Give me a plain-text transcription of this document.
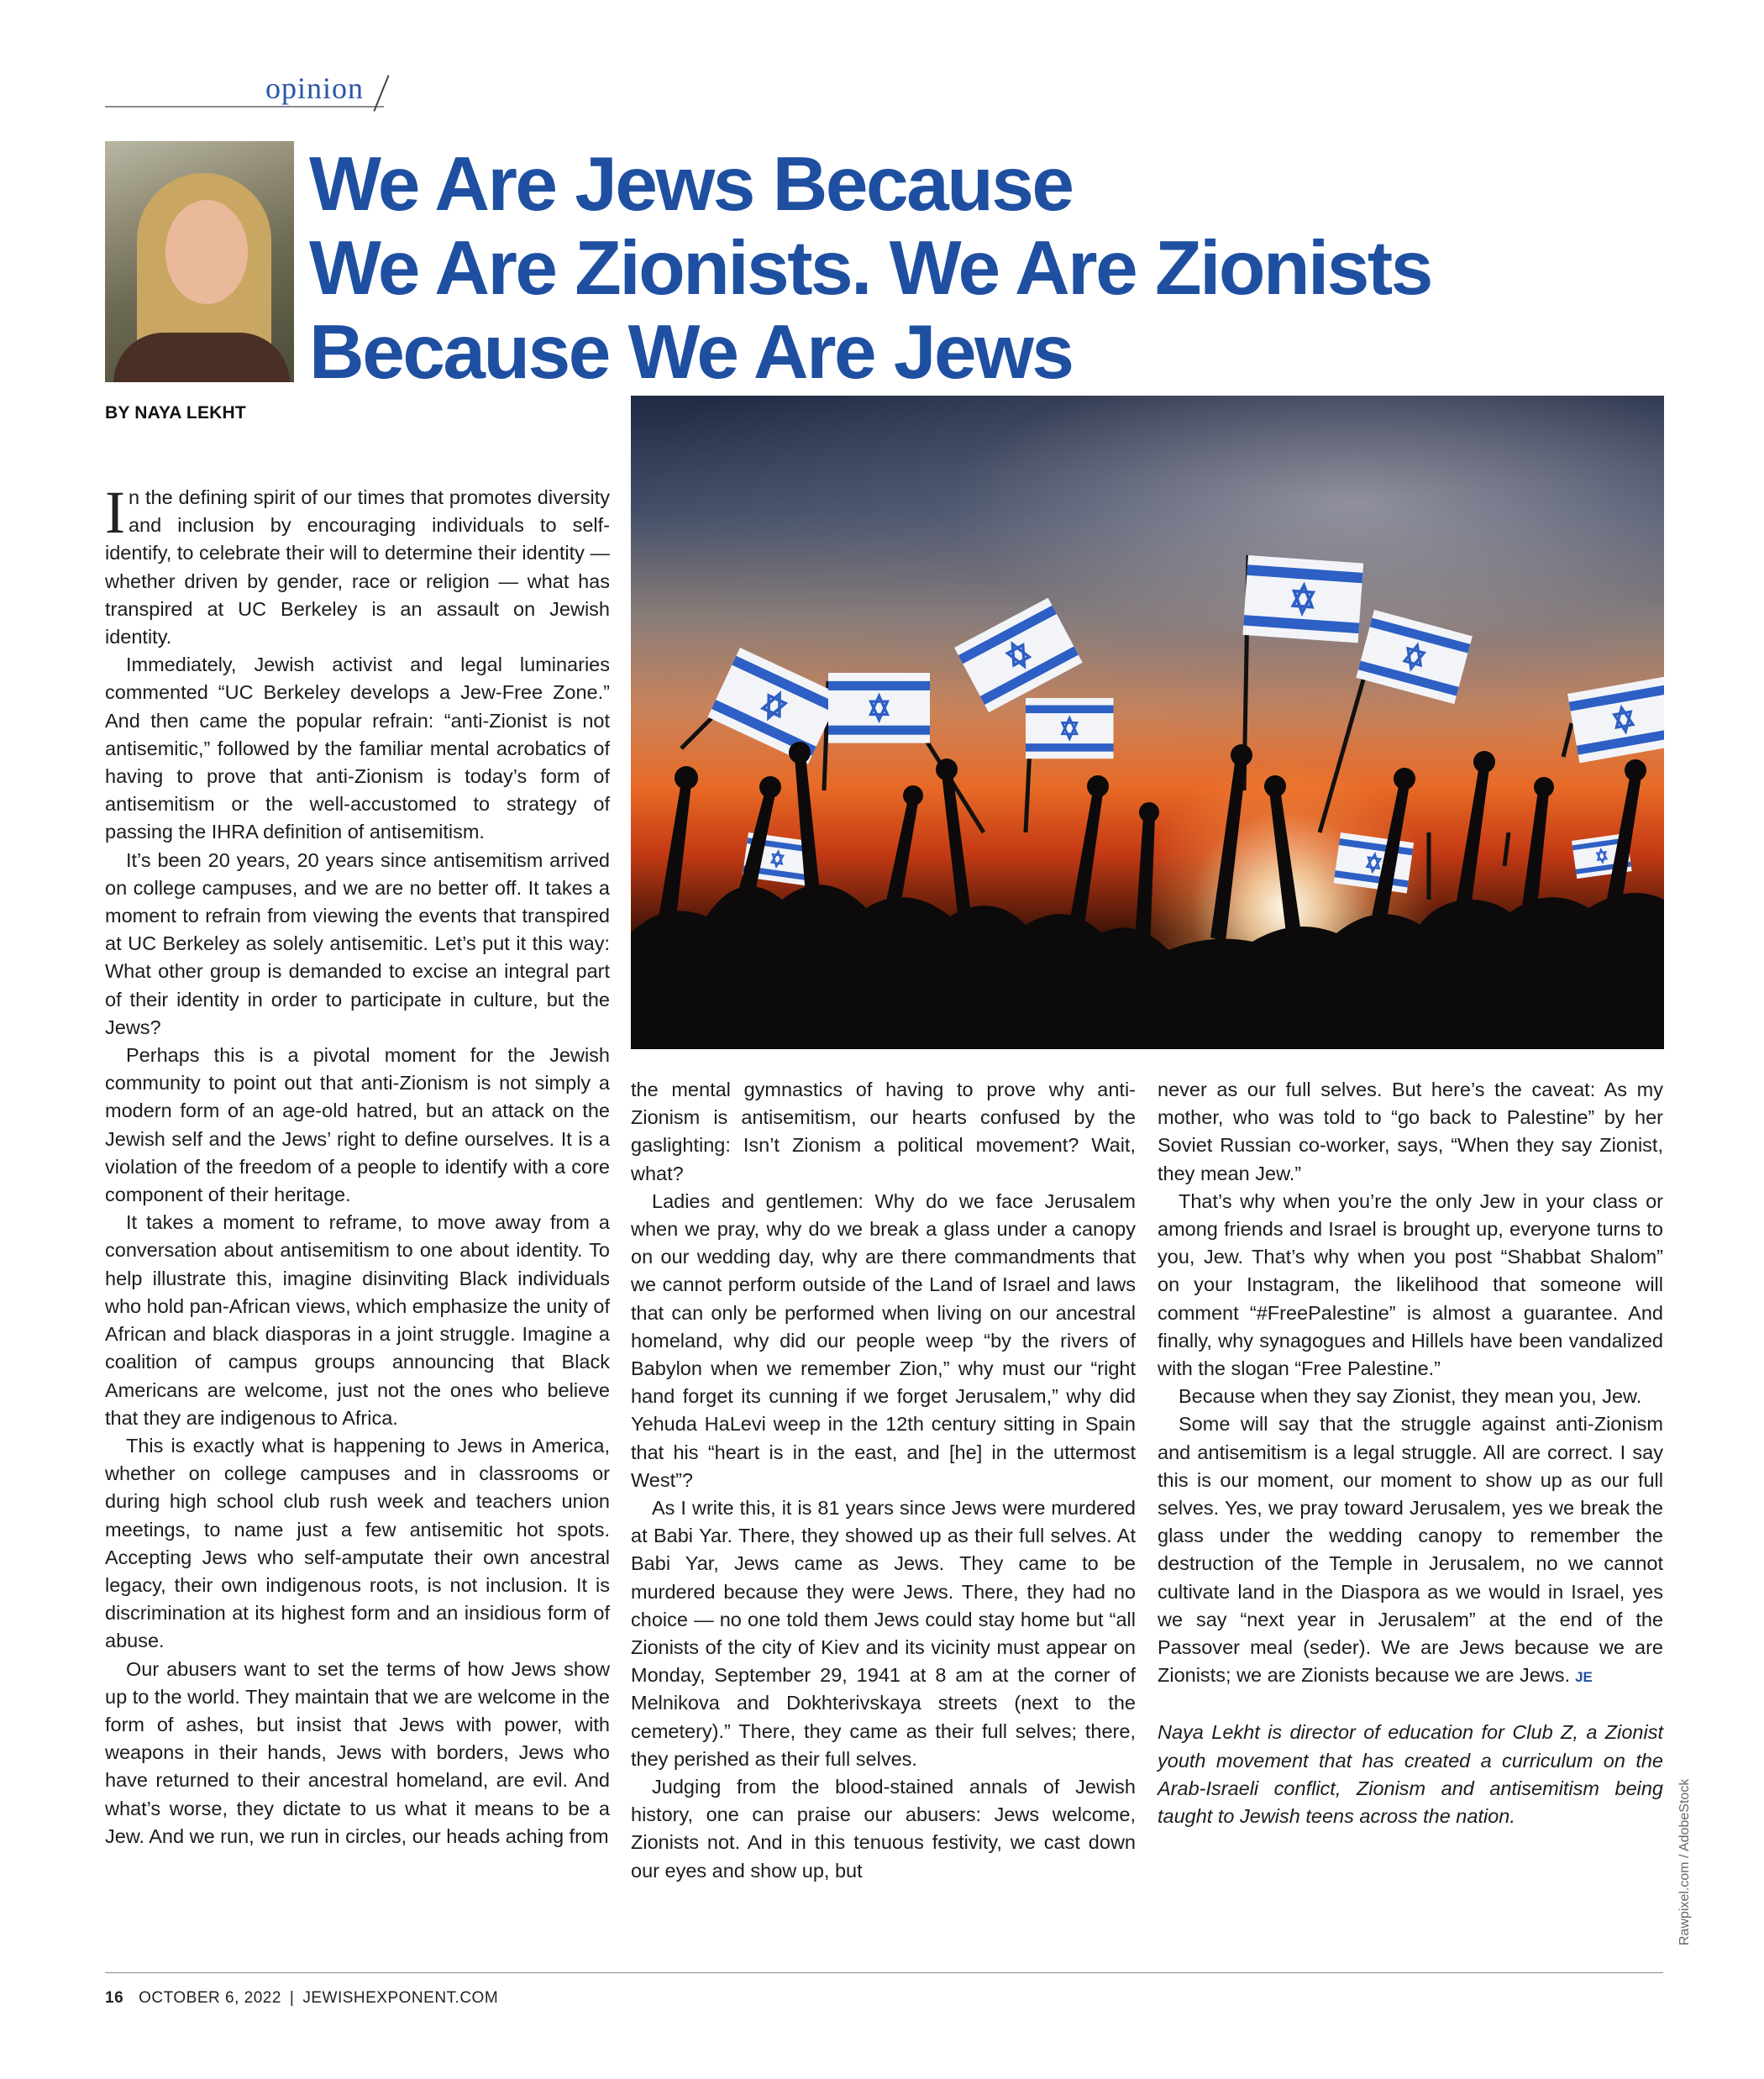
opinion
We Are Jews Because
We Are Zionists. We Are Zionists
Because We Are Jews
BY NAYA LEKHT

In the defining spirit of our times that promotes diversity and inclusion by encouraging individuals to self-identify, to celebrate their will to determine their identity — whether driven by gender, race or religion — what has transpired at UC Berkeley is an assault on Jewish identity.

Immediately, Jewish activist and legal luminaries commented “UC Berkeley develops a Jew-Free Zone.” And then came the popular refrain: “anti-Zionist is not antisemitic,” followed by the familiar mental acrobatics of having to prove that anti-Zionism is today’s form of antisemitism or the well-accustomed to strategy of passing the IHRA definition of antisemitism.

It’s been 20 years, 20 years since antisemitism arrived on college campuses, and we are no better off. It takes a moment to refrain from viewing the events that transpired at UC Berkeley as solely antisemitic. Let’s put it this way: What other group is demanded to excise an integral part of their identity in order to participate in culture, but the Jews?

Perhaps this is a pivotal moment for the Jewish community to point out that anti-Zionism is not simply a modern form of an age-old hatred, but an attack on the Jewish self and the Jews’ right to define ourselves. It is a violation of the freedom of a people to identify with a core component of their heritage.

It takes a moment to reframe, to move away from a conversation about antisemitism to one about identity. To help illustrate this, imagine disinviting Black individuals who hold pan-African views, which emphasize the unity of African and black diasporas in a joint struggle. Imagine a coalition of campus groups announcing that Black Americans are welcome, just not the ones who believe that they are indigenous to Africa.

This is exactly what is happening to Jews in America, whether on college campuses and in classrooms or during high school club rush week and teachers union meetings, to name just a few antisemitic hot spots. Accepting Jews who self-amputate their own ancestral legacy, their own indigenous roots, is not inclusion. It is discrimination at its highest form and an insidious form of abuse.

Our abusers want to set the terms of how Jews show up to the world. They maintain that we are welcome in the form of ashes, but insist that Jews with power, with weapons in their hands, Jews with borders, Jews who have returned to their ancestral homeland, are evil. And what’s worse, they dictate to us what it means to be a Jew. And we run, we run in circles, our heads aching from

the mental gymnastics of having to prove why anti-Zionism is antisemitism, our hearts confused by the gaslighting: Isn’t Zionism a political movement? Wait, what?

Ladies and gentlemen: Why do we face Jerusalem when we pray, why do we break a glass under a canopy on our wedding day, why are there commandments that we cannot perform outside of the Land of Israel and laws that can only be performed when living on our ancestral homeland, why did our people weep “by the rivers of Babylon when we remember Zion,” why must our “right hand forget its cunning if we forget Jerusalem,” why did Yehuda HaLevi weep in the 12th century sitting in Spain that his “heart is in the east, and [he] in the uttermost West”?

As I write this, it is 81 years since Jews were murdered at Babi Yar. There, they showed up as their full selves. At Babi Yar, Jews came as Jews. They came to be murdered because they were Jews. There, they had no choice — no one told them Jews could stay home but “all Zionists of the city of Kiev and its vicinity must appear on Monday, September 29, 1941 at 8 am at the corner of Melnikova and Dokhterivskaya streets (next to the cemetery).” There, they came as their full selves; there, they perished as their full selves.

Judging from the blood-stained annals of Jewish history, one can praise our abusers: Jews welcome, Zionists not. And in this tenuous festivity, we cast down our eyes and show up, but

never as our full selves. But here’s the caveat: As my mother, who was told to “go back to Palestine” by her Soviet Russian co-worker, says, “When they say Zionist, they mean Jew.”

That’s why when you’re the only Jew in your class or among friends and Israel is brought up, everyone turns to you, Jew. That’s why when you post “Shabbat Shalom” on your Instagram, the likelihood that someone will comment “#FreePalestine” is almost a guarantee. And finally, why synagogues and Hillels have been vandalized with the slogan “Free Palestine.”

Because when they say Zionist, they mean you, Jew.

Some will say that the struggle against anti-Zionism and antisemitism is a legal struggle. All are correct. I say this is our moment, our moment to show up as our full selves. Yes, we pray toward Jerusalem, yes we break the glass under the wedding canopy to remember the destruction of the Temple in Jerusalem, no we cannot cultivate land in the Diaspora as we would in Israel, yes we say “next year in Jerusalem” at the end of the Passover meal (seder). We are Jews because we are Zionists; we are Zionists because we are Jews. JE

Naya Lekht is director of education for Club Z, a Zionist youth movement that has created a curriculum on the Arab-Israeli conflict, Zionism and antisemitism being taught to Jewish teens across the nation.	Rawpixel.com / AdobeStock
16 OCTOBER 6, 2022 | JEWISHEXPONENT.COM
